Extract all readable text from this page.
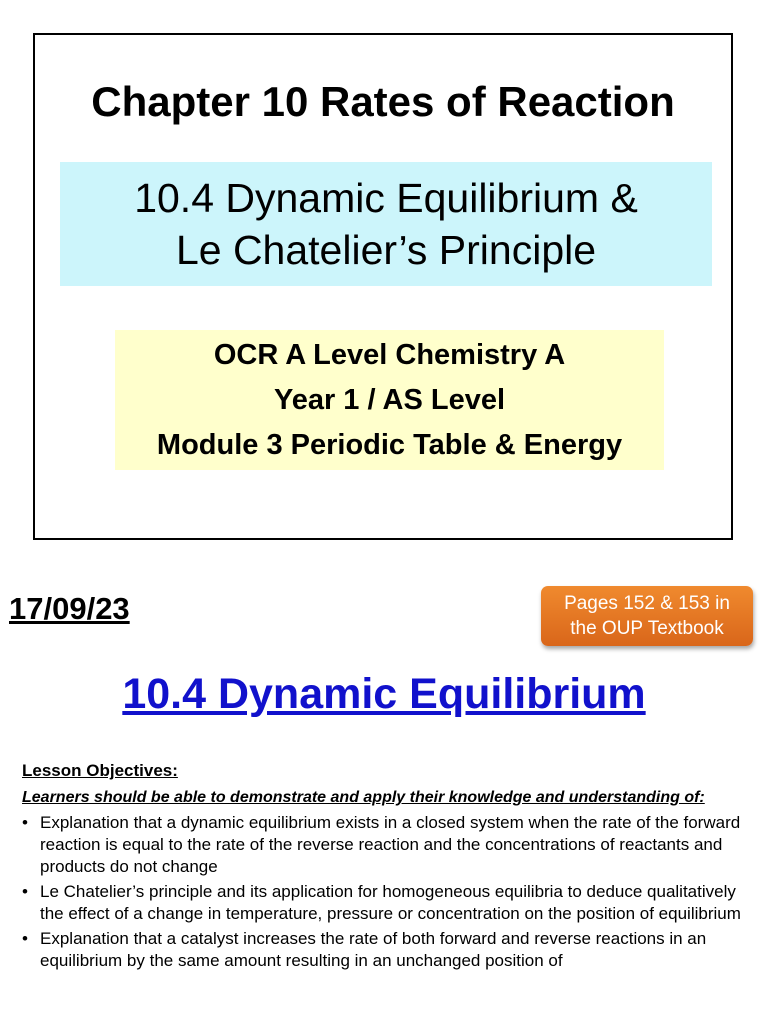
Chapter 10 Rates of Reaction
10.4 Dynamic Equilibrium &
Le Chatelier’s Principle
OCR A Level Chemistry A
Year 1 / AS Level
Module 3 Periodic Table & Energy
17/09/23	Pages 152 & 153 in
the OUP Textbook
10.4 Dynamic Equilibrium
Lesson Objectives:
Learners should be able to demonstrate and apply their knowledge and understanding of:
• Explanation that a dynamic equilibrium exists in a closed system when the rate of the forward reaction is equal to the rate of the reverse reaction and the concentrations of reactants and products do not change
• Le Chatelier’s principle and its application for homogeneous equilibria to deduce qualitatively the effect of a change in temperature, pressure or concentration on the position of equilibrium
• Explanation that a catalyst increases the rate of both forward and reverse reactions in an equilibrium by the same amount resulting in an unchanged position of
